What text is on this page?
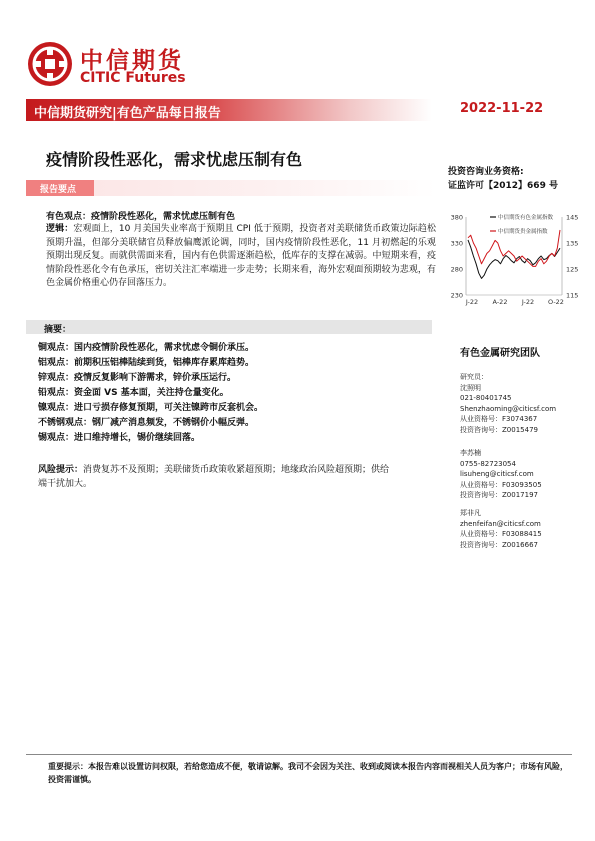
中信期货
CITIC Futures
中信期货研究|有色产品每日报告	2022-11-22
疫情阶段性恶化，需求忧虑压制有色
投资咨询业务资格:
证监许可【2012】669 号
报告要点
有色观点：疫情阶段性恶化，需求忧虑压制有色
逻辑：宏观面上，10 月美国失业率高于预期且 CPI 低于预期，投资者对美联储货币政策边际趋松预期升温，但部分美联储官员释放偏鹰派论调，同时，国内疫情阶段性恶化，11 月初燃起的乐观预期出现反复。而就供需面来看，国内有色供需逐渐趋松，低库存的支撑在减弱。中短期来看，疫情阶段性恶化令有色承压，密切关注汇率端进一步走势；长期来看，海外宏观面预期较为悲观，有色金属价格重心仍存回落压力。
380
330
280
230
145
135
125
115
J-22 A-22 J-22 O-22
中信期货有色金属指数
中信期货贵金属指数
摘要：
铜观点：国内疫情阶段性恶化，需求忧虑令铜价承压。
铝观点：前期积压铝棒陆续到货，铝棒库存累库趋势。
锌观点：疫情反复影响下游需求，锌价承压运行。
铅观点：资金面 VS 基本面，关注持仓量变化。
镍观点：进口亏损存修复预期，可关注镍跨市反套机会。
不锈钢观点：钢厂减产消息频发，不锈钢价小幅反弹。
锡观点：进口维持增长，锡价继续回落。
风险提示：消费复苏不及预期；美联储货币政策收紧超预期；地缘政治风险超预期；供给端干扰加大。
有色金属研究团队
研究员：
沈照明
021-80401745
Shenzhaoming@citicsf.com
从业资格号：F3074367
投资咨询号：Z0015479
李苏楠
0755-82723054
lisuheng@citicsf.com
从业资格号：F03093505
投资咨询号：Z0017197
郑非凡
zhenfeifan@citicsf.com
从业资格号：F03088415
投资咨询号：Z0016667
重要提示：本报告难以设置访问权限，若给您造成不便，敬请谅解。我司不会因为关注、收到或阅读本报告内容而视相关人员为客户；市场有风险，投资需谨慎。
